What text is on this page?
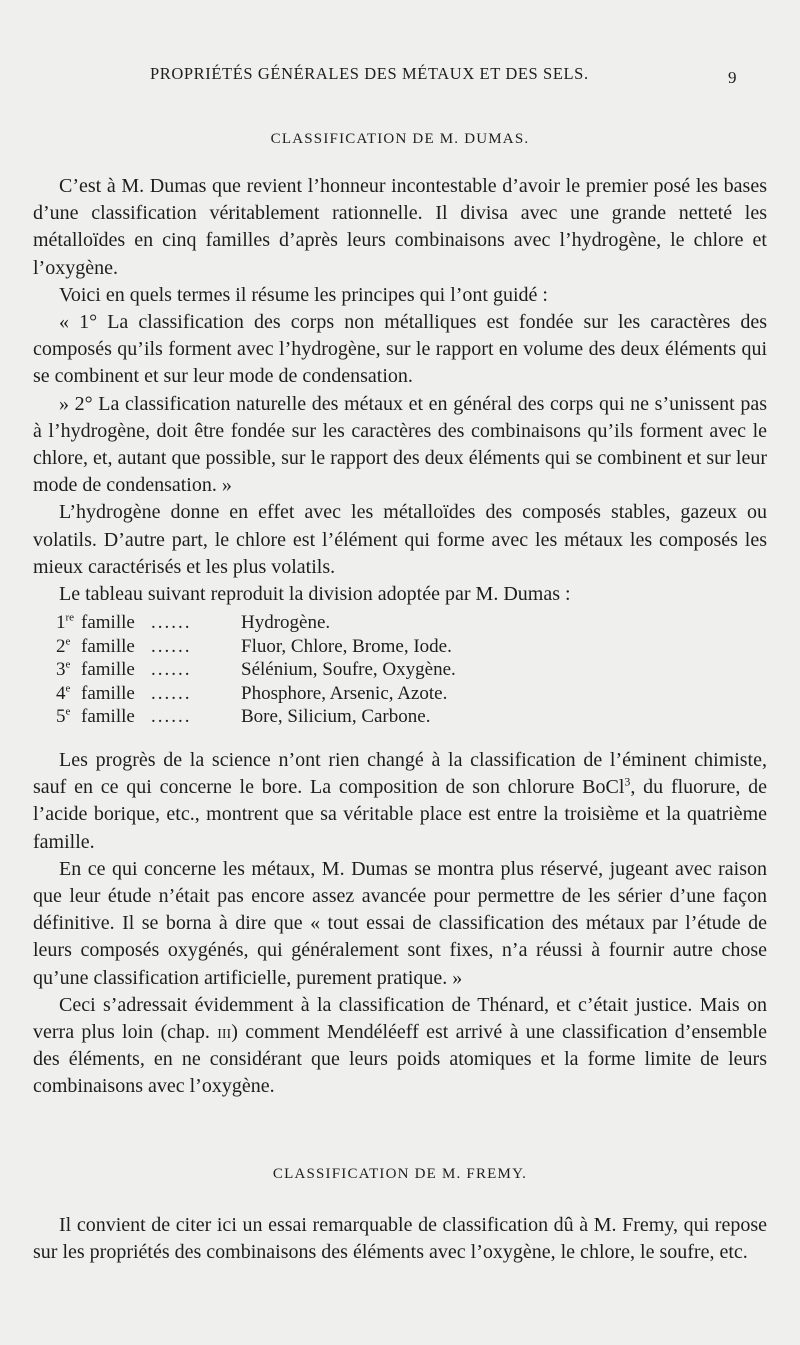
PROPRIÉTÉS GÉNÉRALES DES MÉTAUX ET DES SELS.	9
CLASSIFICATION DE M. DUMAS.

C’est à M. Dumas que revient l’honneur incontestable d’avoir le premier posé les bases d’une classification véritablement rationnelle. Il divisa avec une grande netteté les métalloïdes en cinq familles d’après leurs combinaisons avec l’hydrogène, le chlore et l’oxygène.

Voici en quels termes il résume les principes qui l’ont guidé :

« 1° La classification des corps non métalliques est fondée sur les caractères des composés qu’ils forment avec l’hydrogène, sur le rapport en volume des deux éléments qui se combinent et sur leur mode de condensation.

» 2° La classification naturelle des métaux et en général des corps qui ne s’unissent pas à l’hydrogène, doit être fondée sur les caractères des combinaisons qu’ils forment avec le chlore, et, autant que possible, sur le rapport des deux éléments qui se combinent et sur leur mode de condensation. »

L’hydrogène donne en effet avec les métalloïdes des composés stables, gazeux ou volatils. D’autre part, le chlore est l’élément qui forme avec les métaux les composés les mieux caractérisés et les plus volatils.

Le tableau suivant reproduit la division adoptée par M. Dumas :

1re famille ......	Hydrogène.
2e famille ......	Fluor, Chlore, Brome, Iode.
3e famille ......	Sélénium, Soufre, Oxygène.
4e famille ......	Phosphore, Arsenic, Azote.
5e famille ......	Bore, Silicium, Carbone.

Les progrès de la science n’ont rien changé à la classification de l’éminent chimiste, sauf en ce qui concerne le bore. La composition de son chlorure BoCl$^3$, du fluorure, de l’acide borique, etc., montrent que sa véritable place est entre la troisième et la quatrième famille.

En ce qui concerne les métaux, M. Dumas se montra plus réservé, jugeant avec raison que leur étude n’était pas encore assez avancée pour permettre de les sérier d’une façon définitive. Il se borna à dire que « tout essai de classification des métaux par l’étude de leurs composés oxygénés, qui généralement sont fixes, n’a réussi à fournir autre chose qu’une classification artificielle, purement pratique. »

Ceci s’adressait évidemment à la classification de Thénard, et c’était justice. Mais on verra plus loin (chap. iii) comment Mendéléeff est arrivé à une classification d’ensemble des éléments, en ne considérant que leurs poids atomiques et la forme limite de leurs combinaisons avec l’oxygène.

CLASSIFICATION DE M. FREMY.

Il convient de citer ici un essai remarquable de classification dû à M. Fremy, qui repose sur les propriétés des combinaisons des éléments avec l’oxygène, le chlore, le soufre, etc.
